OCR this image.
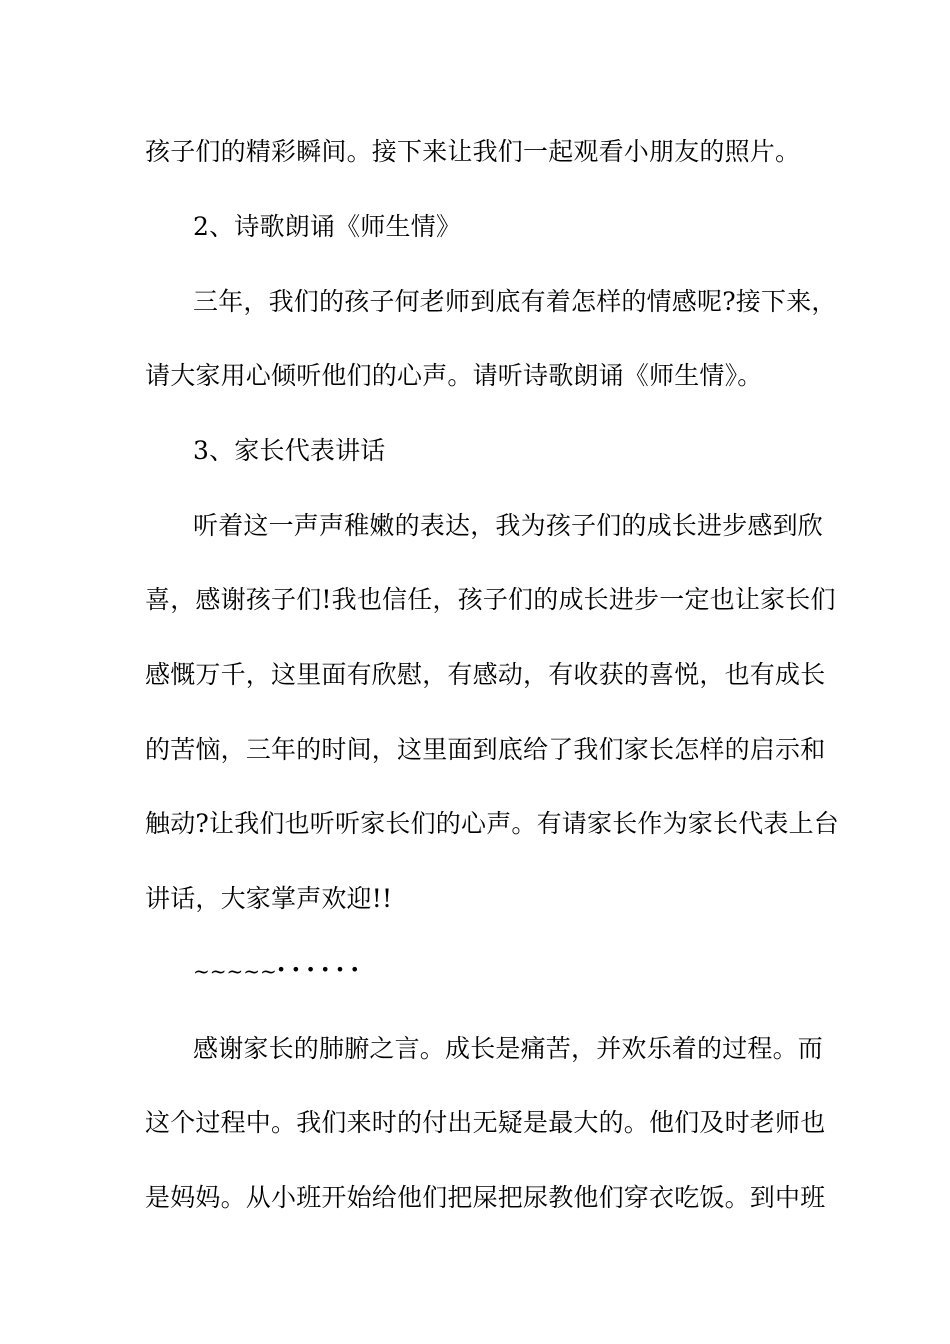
孩子们的精彩瞬间。接下来让我们一起观看小朋友的照片。
2、诗歌朗诵《师生情》
三年，我们的孩子何老师到底有着怎样的情感呢?接下来，
请大家用心倾听他们的心声。请听诗歌朗诵《师生情》。
3、家长代表讲话
听着这一声声稚嫩的表达，我为孩子们的成长进步感到欣
喜，感谢孩子们!我也信任，孩子们的成长进步一定也让家长们
感慨万千，这里面有欣慰，有感动，有收获的喜悦，也有成长
的苦恼，三年的时间，这里面到底给了我们家长怎样的启示和
触动?让我们也听听家长们的心声。有请家长作为家长代表上台
讲话，大家掌声欢迎!!
~~~~~······
感谢家长的肺腑之言。成长是痛苦，并欢乐着的过程。而
这个过程中。我们来时的付出无疑是最大的。他们及时老师也
是妈妈。从小班开始给他们把屎把尿教他们穿衣吃饭。到中班
